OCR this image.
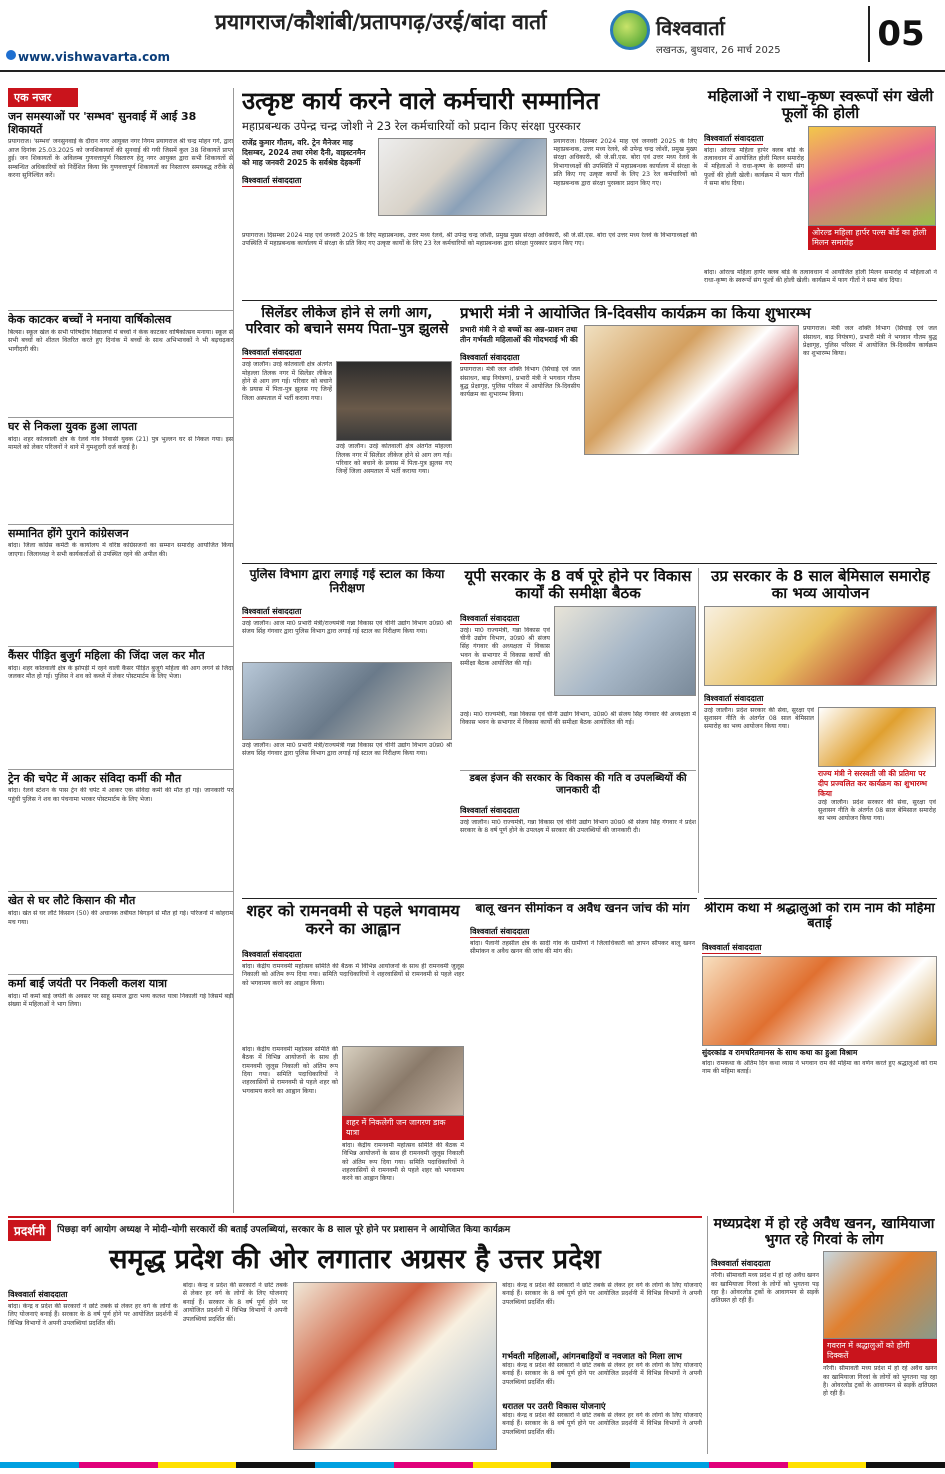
प्रयागराज/कौशांबी/प्रतापगढ़/उरई/बांदा वार्ता
www.vishwavarta.com
विश्ववार्ता
लखनऊ, बुधवार, 26 मार्च 2025	05
एक नजर
जन समस्याओं पर 'सम्भव' सुनवाई में आई 38 शिकायतें
प्रयागराज। 'सम्भव' जनसुनवाई के दौरान नगर आयुक्त नगर निगम प्रयागराज श्री चन्द्र मोहन गर्ग, द्वारा आज दिनांक 25.03.2025 को जनशिकायतों की सुनवाई की गयी जिसमें कुल 38 शिकायतें प्राप्त हुई। जन शिकायतों के अविलम्ब गुणवत्तापूर्ण निस्तारण हेतु नगर आयुक्त द्वारा सभी शिकायतों से सम्बन्धित अधिकारियों को निर्देशित किया कि गुणवत्तापूर्ण शिकायतों का निस्तारण समयबद्ध तरीके से करना सुनिश्चित करें।
केक काटकर बच्चों ने मनाया वार्षिकोत्सव
बिल्सा। स्कूल खेल के सभी परिषदीय विद्यालयों में बच्चों ने केक काटकर वार्षिकोत्सव मनाया। स्कूल से सभी बच्चों को शीतल वितरित करते हुए दिनांक में बच्चों के साथ अभिभावकों ने भी बढ़चढ़कर भागीदारी की।
घर से निकला युवक हुआ लापता
बांदा। शहर कोतवाली क्षेत्र के रेलवे गांव निवासी युवक (21) पुत्र भुल्लन घर से निकल गया। इस मामले को लेकर परिजनों ने थाने में गुमशुदगी दर्ज कराई है।
सम्मानित होंगे पुराने कांग्रेसजन
बांदा। जिला कांग्रेस कमेटी के कार्यालय में वरिष्ठ कांग्रेसजनों का सम्मान समारोह आयोजित किया जाएगा। जिलाध्यक्ष ने सभी कार्यकर्ताओं से उपस्थित रहने की अपील की।
कैंसर पीड़ित बुजुर्ग महिला की जिंदा जल कर मौत
बांदा। शहर कोतवाली क्षेत्र के झोपड़ी में रहने वाली कैंसर पीड़ित बुजुर्ग महिला की आग लगने से जिंदा जलकर मौत हो गई। पुलिस ने शव को कब्जे में लेकर पोस्टमार्टम के लिए भेजा।
ट्रेन की चपेट में आकर संविदा कर्मी की मौत
बांदा। रेलवे स्टेशन के पास ट्रेन की चपेट में आकर एक संविदा कर्मी की मौत हो गई। जानकारी पर पहुंची पुलिस ने शव का पंचनामा भरकर पोस्टमार्टम के लिए भेजा।
खेत से घर लौटे किसान की मौत
बांदा। खेत से घर लौटे किसान (50) की अचानक तबीयत बिगड़ने से मौत हो गई। परिजनों में कोहराम मच गया।
कर्मा बाई जयंती पर निकली कलश यात्रा
बांदा। माँ कर्मा बाई जयंती के अवसर पर साहू समाज द्वारा भव्य कलश यात्रा निकाली गई जिसमें बड़ी संख्या में महिलाओं ने भाग लिया।
उत्कृष्ट कार्य करने वाले कर्मचारी सम्मानित
महाप्रबन्धक उपेन्द्र चन्द्र जोशी ने 23 रेल कर्मचारियों को प्रदान किए संरक्षा पुरस्कार
राजेंद्र कुमार गौतम, वरि. ट्रेन मैनेजर माह दिसम्बर, 2024 तथा रमेश दैनी, वाइस्टनमैन को माह जनवरी 2025 के सर्वश्रेष्ठ देहकर्मी
विश्ववार्ता संवाददाता
प्रयागराज। दिसम्बर 2024 माह एवं जनवरी 2025 के लिए महाप्रबन्धक, उत्तर मध्य रेलवे, श्री उपेन्द्र चन्द्र जोशी, प्रमुख मुख्य संरक्षा अधिकारी, श्री जे.सी.एस. बोरा एवं उत्तर मध्य रेलवे के विभागाध्यक्षों की उपस्थिति में महाप्रबन्धक कार्यालय में संरक्षा के प्रति किए गए उत्कृष्ट कार्यों के लिए 23 रेल कर्मचारियों को महाप्रबन्धक द्वारा संरक्षा पुरस्कार प्रदान किए गए।
प्रयागराज। दिसम्बर 2024 माह एवं जनवरी 2025 के लिए महाप्रबन्धक, उत्तर मध्य रेलवे, श्री उपेन्द्र चन्द्र जोशी, प्रमुख मुख्य संरक्षा अधिकारी, श्री जे.सी.एस. बोरा एवं उत्तर मध्य रेलवे के विभागाध्यक्षों की उपस्थिति में महाप्रबन्धक कार्यालय में संरक्षा के प्रति किए गए उत्कृष्ट कार्यों के लिए 23 रेल कर्मचारियों को महाप्रबन्धक द्वारा संरक्षा पुरस्कार प्रदान किए गए।
महिलाओं ने राधा–कृष्ण स्वरूपों संग खेली फूलों की होली
विश्ववार्ता संवाददाता
बांदा। ओरल्ड महिला हार्पर क्लब बोर्ड के तत्वावधान में आयोजित होली मिलन समारोह में महिलाओं ने राधा-कृष्ण के स्वरूपों संग फूलों की होली खेली। कार्यक्रम में फाग गीतों ने समा बांध दिया।
ओरल्ड महिला हार्पर पल्स बोर्ड का होली मिलन समारोह
बांदा। ओरल्ड महिला हार्पर क्लब बोर्ड के तत्वावधान में आयोजित होली मिलन समारोह में महिलाओं ने राधा-कृष्ण के स्वरूपों संग फूलों की होली खेली। कार्यक्रम में फाग गीतों ने समा बांध दिया।
सिलेंडर लीकेज होने से लगी आग, परिवार को बचाने समय पिता–पुत्र झुलसे
विश्ववार्ता संवाददाता
उरई जालौन। उरई कोतवाली क्षेत्र अंतर्गत मोहल्ला तिलक नगर में सिलेंडर लीकेज होने से आग लग गई। परिवार को बचाने के प्रयास में पिता-पुत्र झुलस गए जिन्हें जिला अस्पताल में भर्ती कराया गया।
उरई जालौन। उरई कोतवाली क्षेत्र अंतर्गत मोहल्ला तिलक नगर में सिलेंडर लीकेज होने से आग लग गई। परिवार को बचाने के प्रयास में पिता-पुत्र झुलस गए जिन्हें जिला अस्पताल में भर्ती कराया गया।
प्रभारी मंत्री ने आयोजित त्रि-दिवसीय कार्यक्रम का किया शुभारम्भ
प्रभारी मंत्री ने दो बच्चों का अन्न–प्राशन तथा तीन गर्भवती महिलाओं की गोदभराई भी की
विश्ववार्ता संवाददाता
प्रयागराज। मंत्री जल शक्ति विभाग (सिंचाई एवं जल संसाधन, बाढ़ नियंत्रण), प्रभारी मंत्री ने भगवान गौतम बुद्ध प्रेक्षागृह, पुलिस परिसर में आयोजित त्रि-दिवसीय कार्यक्रम का शुभारम्भ किया।
प्रयागराज। मंत्री जल शक्ति विभाग (सिंचाई एवं जल संसाधन, बाढ़ नियंत्रण), प्रभारी मंत्री ने भगवान गौतम बुद्ध प्रेक्षागृह, पुलिस परिसर में आयोजित त्रि-दिवसीय कार्यक्रम का शुभारम्भ किया।
पुलिस विभाग द्वारा लगाई गई स्टाल का किया निरीक्षण
विश्ववार्ता संवाददाता
उरई जालौन। आज मा0 प्रभारी मंत्री/राज्यमंत्री गन्ना विकास एवं चीनी उद्योग विभाग उ0प्र0 श्री संजय सिंह गंगवार द्वारा पुलिस विभाग द्वारा लगाई गई स्टाल का निरीक्षण किया गया।
उरई जालौन। आज मा0 प्रभारी मंत्री/राज्यमंत्री गन्ना विकास एवं चीनी उद्योग विभाग उ0प्र0 श्री संजय सिंह गंगवार द्वारा पुलिस विभाग द्वारा लगाई गई स्टाल का निरीक्षण किया गया।
यूपी सरकार के 8 वर्ष पूरे होने पर विकास कार्यों की समीक्षा बैठक
विश्ववार्ता संवाददाता
उरई। मा0 राज्यमंत्री, गन्ना विकास एवं चीनी उद्योग विभाग, उ0प्र0 श्री संजय सिंह गंगवार की अध्यक्षता में विकास भवन के सभागार में विकास कार्यों की समीक्षा बैठक आयोजित की गई।
उरई। मा0 राज्यमंत्री, गन्ना विकास एवं चीनी उद्योग विभाग, उ0प्र0 श्री संजय सिंह गंगवार की अध्यक्षता में विकास भवन के सभागार में विकास कार्यों की समीक्षा बैठक आयोजित की गई।
उप्र सरकार के 8 साल बेमिसाल समारोह का भव्य आयोजन
विश्ववार्ता संवाददाता
उरई जालौन। प्रदेश सरकार की सेवा, सुरक्षा एवं सुशासन नीति के अंतर्गत 08 साल बेमिसाल समारोह का भव्य आयोजन किया गया।
राज्य मंत्री ने सरस्वती जी की प्रतिमा पर दीप प्रज्वलित कर कार्यक्रम का शुभारम्भ किया
उरई जालौन। प्रदेश सरकार की सेवा, सुरक्षा एवं सुशासन नीति के अंतर्गत 08 साल बेमिसाल समारोह का भव्य आयोजन किया गया।
शहर को रामनवमी से पहले भगवामय करने का आह्वान
विश्ववार्ता संवाददाता
बांदा। केंद्रीय रामनवमी महोत्सव समिति की बैठक में विभिन्न आयोजनों के साथ ही रामनवमी जुलूस निकाली को अंतिम रूप दिया गया। समिति पदाधिकारियों ने शहरवासियों से रामनवमी से पहले शहर को भगवामय करने का आह्वान किया।
बांदा। केंद्रीय रामनवमी महोत्सव समिति की बैठक में विभिन्न आयोजनों के साथ ही रामनवमी जुलूस निकाली को अंतिम रूप दिया गया। समिति पदाधिकारियों ने शहरवासियों से रामनवमी से पहले शहर को भगवामय करने का आह्वान किया।
शहर में निकलेगी जन जागरण डाक यात्रा
बांदा। केंद्रीय रामनवमी महोत्सव समिति की बैठक में विभिन्न आयोजनों के साथ ही रामनवमी जुलूस निकाली को अंतिम रूप दिया गया। समिति पदाधिकारियों ने शहरवासियों से रामनवमी से पहले शहर को भगवामय करने का आह्वान किया।
बालू खनन सीमांकन व अवैध खनन जांच की मांग
विश्ववार्ता संवाददाता
बांदा। पैलानी तहसील क्षेत्र के सादी गांव के ग्रामीणों ने जिलाधिकारी को ज्ञापन सौंपकर बालू खनन सीमांकन व अवैध खनन की जांच की मांग की।
श्रीराम कथा में श्रद्धालुओं को राम नाम की महिमा बताई
विश्ववार्ता संवाददाता
सुंदरकांड व रामचरितमानस के साथ कथा का हुआ विश्राम
बांदा। रामकथा के अंतिम दिन कथा व्यास ने भगवान राम की महिमा का वर्णन करते हुए श्रद्धालुओं को राम नाम की महिमा बताई।
प्रदर्शनी	पिछड़ा वर्ग आयोग अध्यक्ष ने मोदी–योगी सरकारों की बताईं उपलब्धियां, सरकार के 8 साल पूरे होने पर प्रशासन ने आयोजित किया कार्यक्रम
समृद्ध प्रदेश की ओर लगातार अग्रसर है उत्तर प्रदेश
विश्ववार्ता संवाददाता
बांदा। केन्द्र व प्रदेश की सरकारों ने छोटे तबके से लेकर हर वर्ग के लोगों के लिए योजनाएं बनाई हैं। सरकार के 8 वर्ष पूर्ण होने पर आयोजित प्रदर्शनी में विभिन्न विभागों ने अपनी उपलब्धियां प्रदर्शित कीं।
बांदा। केन्द्र व प्रदेश की सरकारों ने छोटे तबके से लेकर हर वर्ग के लोगों के लिए योजनाएं बनाई हैं। सरकार के 8 वर्ष पूर्ण होने पर आयोजित प्रदर्शनी में विभिन्न विभागों ने अपनी उपलब्धियां प्रदर्शित कीं।
बांदा। केन्द्र व प्रदेश की सरकारों ने छोटे तबके से लेकर हर वर्ग के लोगों के लिए योजनाएं बनाई हैं। सरकार के 8 वर्ष पूर्ण होने पर आयोजित प्रदर्शनी में विभिन्न विभागों ने अपनी उपलब्धियां प्रदर्शित कीं।
गर्भवती महिलाओं, आंगनबाड़ियों व नवजात को मिला लाभ
बांदा। केन्द्र व प्रदेश की सरकारों ने छोटे तबके से लेकर हर वर्ग के लोगों के लिए योजनाएं बनाई हैं। सरकार के 8 वर्ष पूर्ण होने पर आयोजित प्रदर्शनी में विभिन्न विभागों ने अपनी उपलब्धियां प्रदर्शित कीं।
धरातल पर उतरी विकास योजनाएं
बांदा। केन्द्र व प्रदेश की सरकारों ने छोटे तबके से लेकर हर वर्ग के लोगों के लिए योजनाएं बनाई हैं। सरकार के 8 वर्ष पूर्ण होने पर आयोजित प्रदर्शनी में विभिन्न विभागों ने अपनी उपलब्धियां प्रदर्शित कीं।
मध्यप्रदेश में हो रहे अवैध खनन, खामियाजा भुगत रहे गिरवां के लोग
विश्ववार्ता संवाददाता
नरैनी। सीमावर्ती मध्य प्रदेश में हो रहे अवैध खनन का खामियाजा गिरवां के लोगों को भुगतना पड़ रहा है। ओवरलोड ट्रकों के आवागमन से सड़कें क्षतिग्रस्त हो रही हैं।
गवरान में श्रद्धालुओं को होगी दिक्कतें
नरैनी। सीमावर्ती मध्य प्रदेश में हो रहे अवैध खनन का खामियाजा गिरवां के लोगों को भुगतना पड़ रहा है। ओवरलोड ट्रकों के आवागमन से सड़कें क्षतिग्रस्त हो रही हैं।
डबल इंजन की सरकार के विकास की गति व उपलब्धियों की जानकारी दी
विश्ववार्ता संवाददाता
उरई जालौन। मा0 राज्यमंत्री, गन्ना विकास एवं चीनी उद्योग विभाग उ0प्र0 श्री संजय सिंह गंगवार ने प्रदेश सरकार के 8 वर्ष पूर्ण होने के उपलक्ष्य में सरकार की उपलब्धियों की जानकारी दी।
